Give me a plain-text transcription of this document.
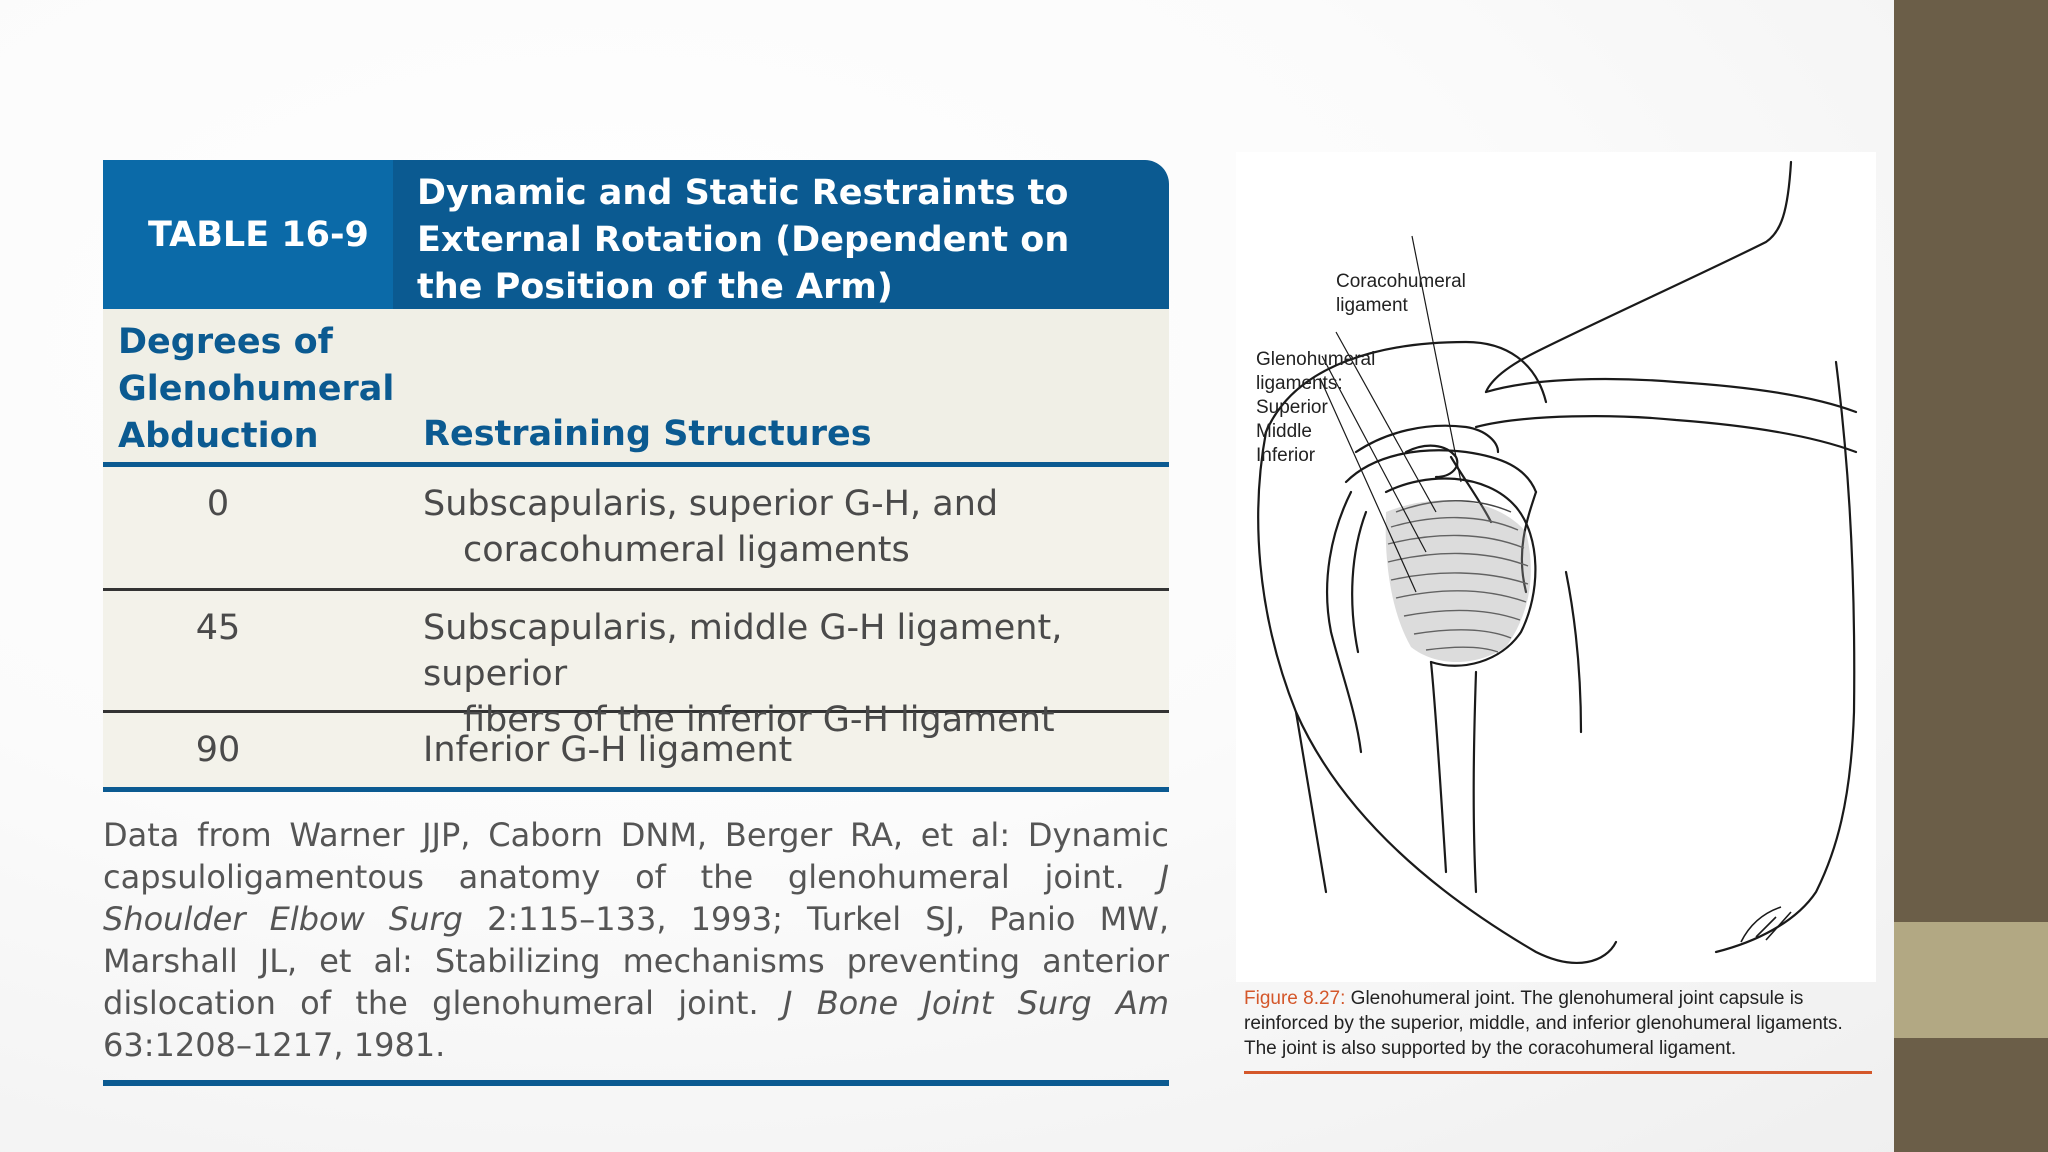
TABLE 16-9
Dynamic and Static Restraints to
External Rotation (Dependent on
the Position of the Arm)
Degrees of
Glenohumeral
Abduction	Restraining Structures
0	Subscapularis, superior G-H, and
coracohumeral ligaments
45	Subscapularis, middle G-H ligament, superior
fibers of the inferior G-H ligament
90	Inferior G-H ligament
Data from Warner JJP, Caborn DNM, Berger RA, et al: Dynamic capsuloligamentous anatomy of the glenohumeral joint. J Shoulder Elbow Surg 2:115–133, 1993; Turkel SJ, Panio MW, Marshall JL, et al: Stabilizing mechanisms preventing anterior dislocation of the glenohumeral joint. J Bone Joint Surg Am 63:1208–1217, 1981.
Coracohumeral
ligament
Glenohumeral
ligaments:
Superior
Middle
Inferior
Figure 8.27: Glenohumeral joint. The glenohumeral joint capsule is reinforced by the superior, middle, and inferior glenohumeral ligaments. The joint is also supported by the coracohumeral ligament.
